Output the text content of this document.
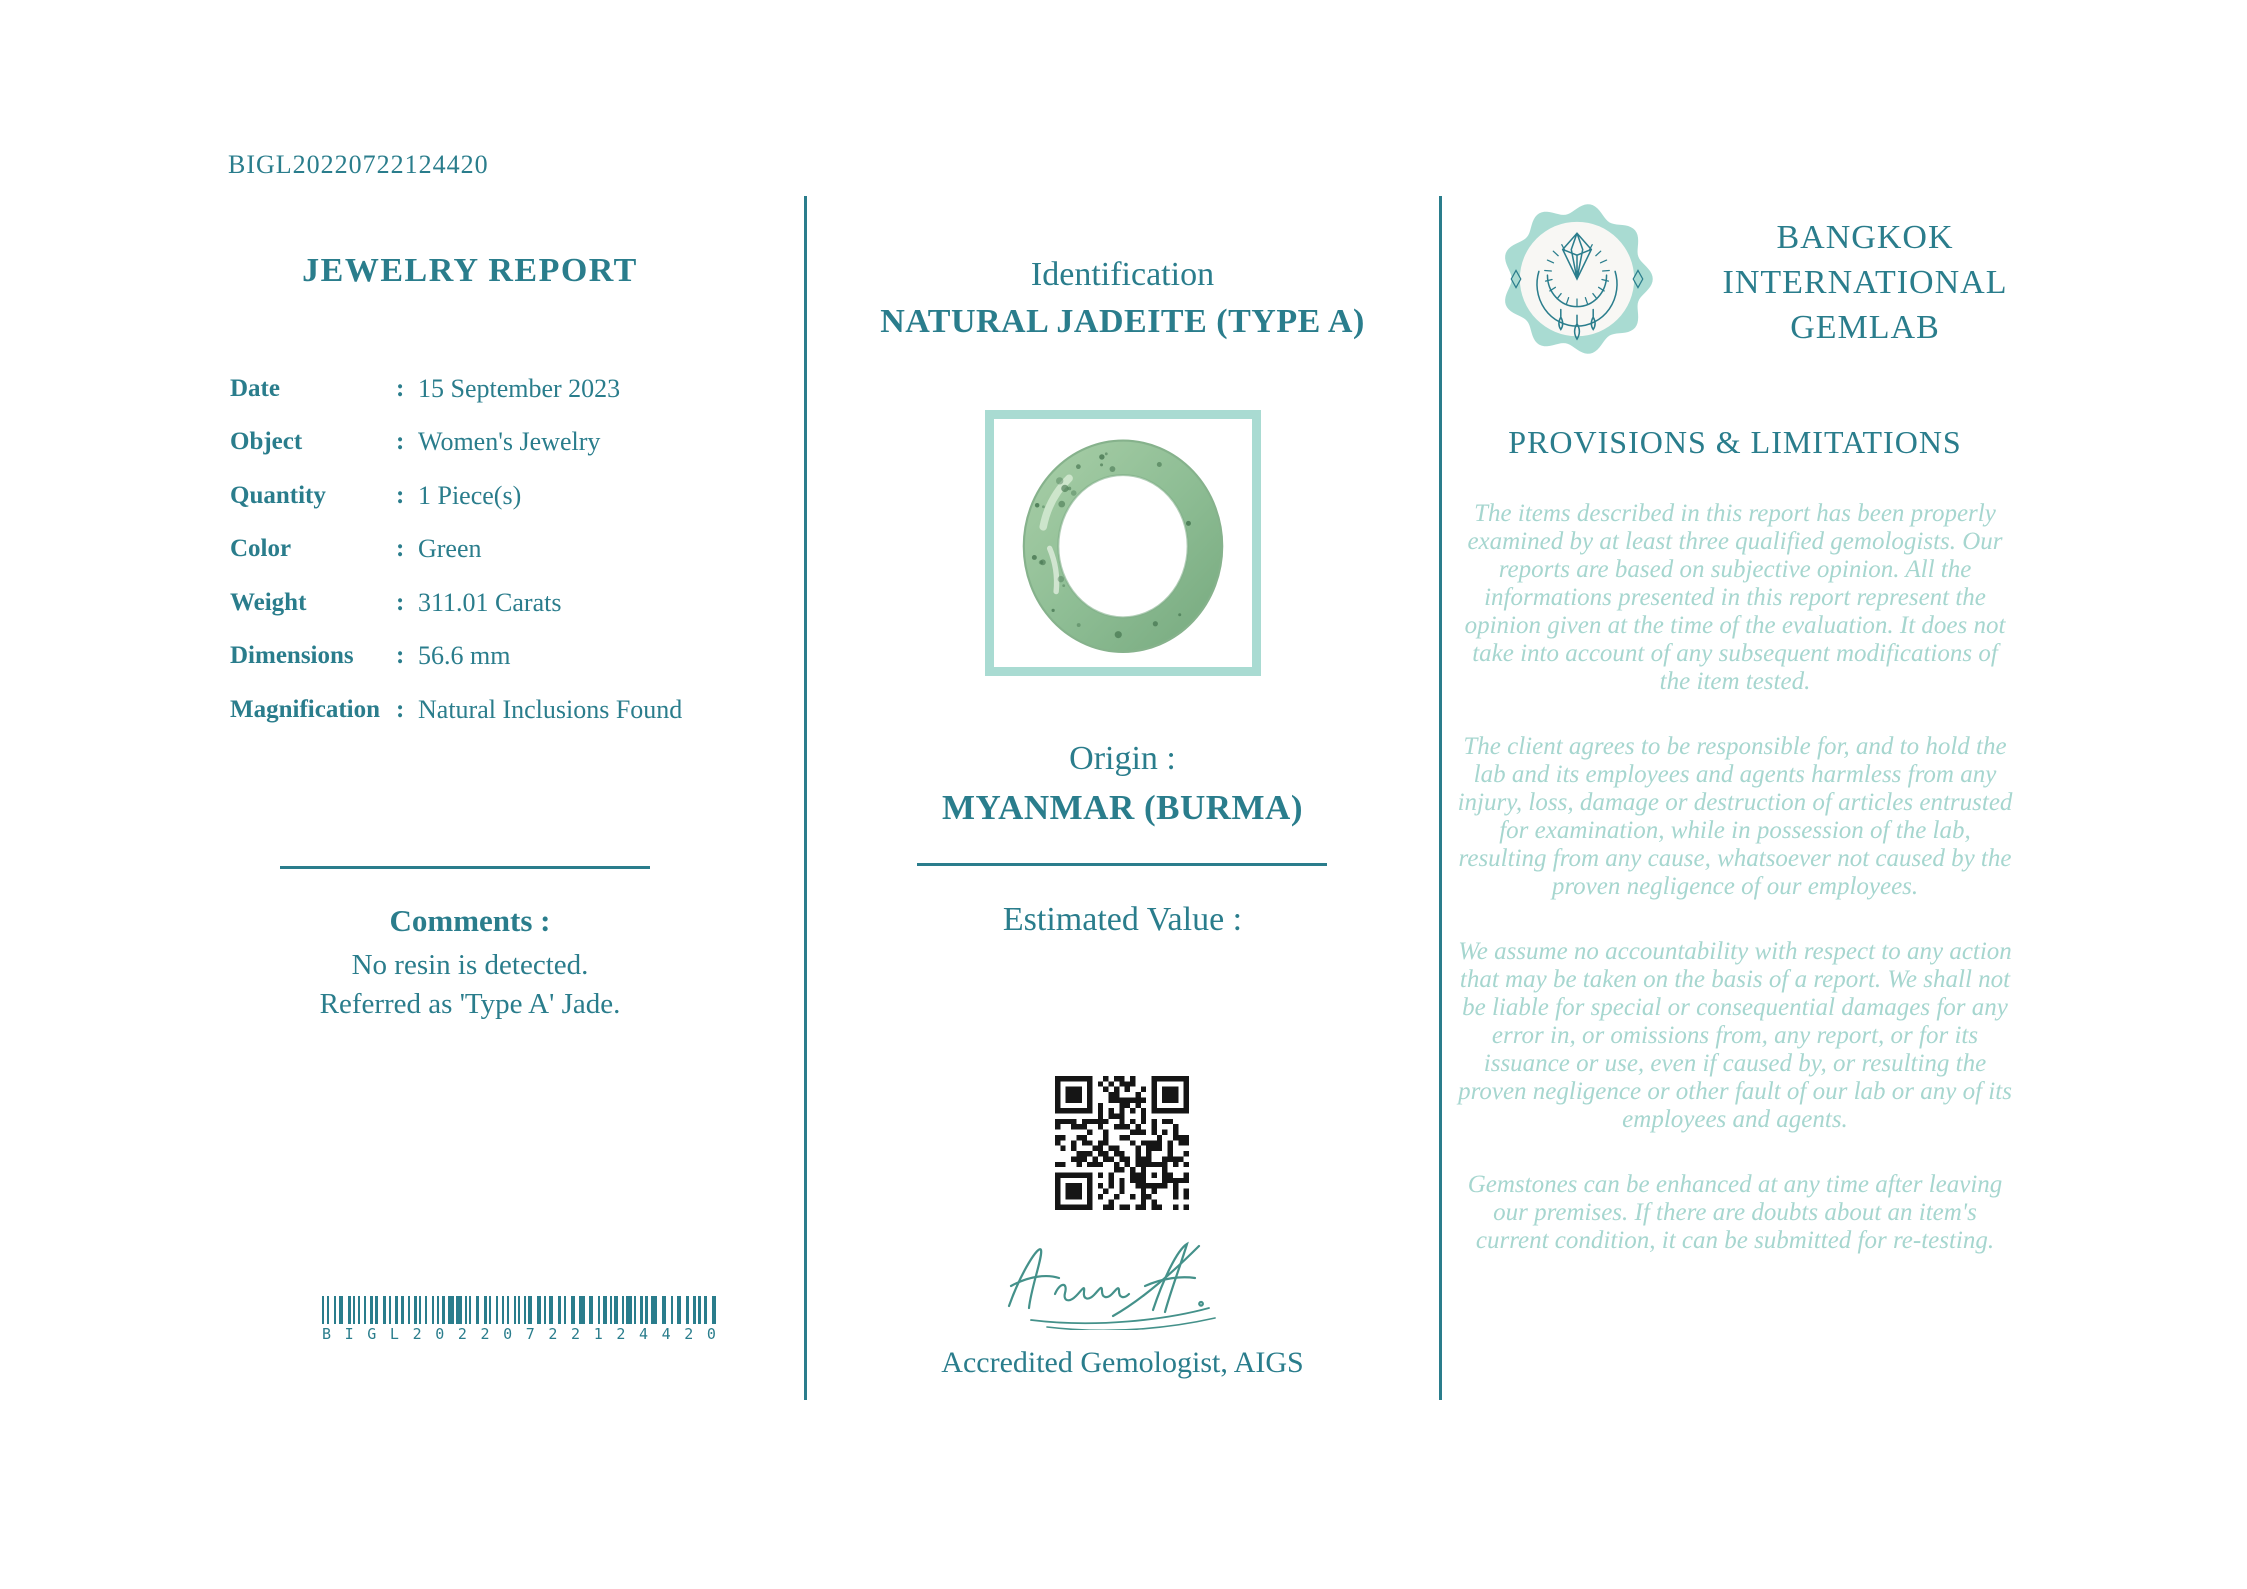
BIGL20220722124420
JEWELRY REPORT
Date	: 15 September 2023
Object	: Women's Jewelry
Quantity	: 1 Piece(s)
Color	: Green
Weight	: 311.01 Carats
Dimensions : 56.6 mm
Magnification : Natural Inclusions Found
Comments :
No resin is detected.
Referred as 'Type A' Jade.
B I G L 2 0 2 2 0 7 2 2 1 2 4 4 2 0
Identification
NATURAL JADEITE (TYPE A)
Origin :
MYANMAR (BURMA)
Estimated Value :
Accredited Gemologist, AIGS
BANGKOK
INTERNATIONAL
GEMLAB
PROVISIONS & LIMITATIONS

The items described in this report has been properly examined by at least three qualified gemologists. Our reports are based on subjective opinion. All the informations presented in this report represent the opinion given at the time of the evaluation. It does not take into account of any subsequent modifications of the item tested.

The client agrees to be responsible for, and to hold the lab and its employees and agents harmless from any injury, loss, damage or destruction of articles entrusted for examination, while in possession of the lab, resulting from any cause, whatsoever not caused by the proven negligence of our employees.

We assume no accountability with respect to any action that may be taken on the basis of a report. We shall not be liable for special or consequential damages for any error in, or omissions from, any report, or for its issuance or use, even if caused by, or resulting the proven negligence or other fault of our lab or any of its employees and agents.

Gemstones can be enhanced at any time after leaving our premises. If there are doubts about an item's current condition, it can be submitted for re-testing.
